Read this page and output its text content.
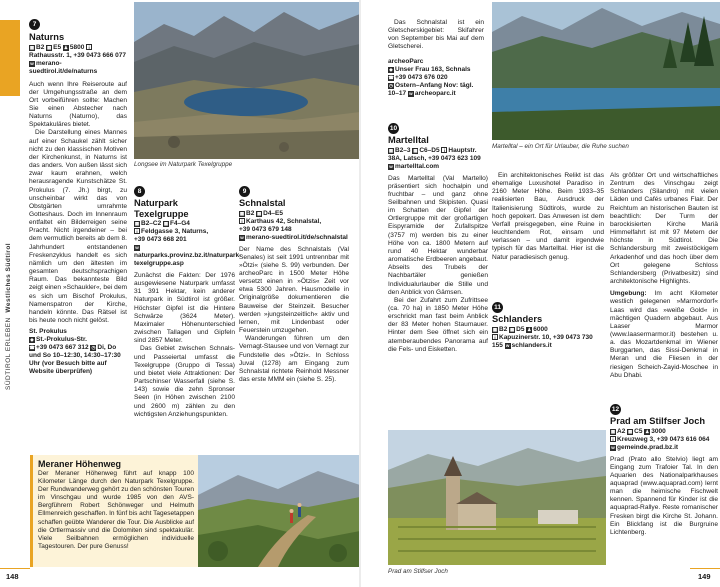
SÜDTIROL ERLEBEN  Westliches Südtirol
7
Naturns
▦ B2 ▦ E5 ♟ 5800 iRathausstr. 1, +39 0473 666 077 w merano-suedtirol.it/de/naturns

Auch wenn Ihre Reiseroute auf der Umgehungsstraße an dem Ort vorbeiführen sollte: Machen Sie einen Abstecher nach Naturns (Naturno), das Spektakuläres bietet.

Die Darstellung eines Mannes auf einer Schaukel zählt sicher nicht zu den klassischen Motiven der Kirchenkunst, in Naturns ist das anders. Von außen lässt sich zwar kaum erahnen, welch herausragende Kunstschätze St. Prokulus (7. Jh.) birgt, zu unscheinbar wirkt das von Obstgärten umrahmte Gotteshaus. Doch im Innenraum entfaltet ein Bilderreigen seine Pracht. Nicht irgendeiner – bei dem vermutlich bereits ab dem 8. Jahrhundert entstandenen Freskenzyklus handelt es sich nämlich um den ältesten im gesamten deutschsprachigen Raum. Das bekannteste Bild zeigt einen »Schaukler«, bei dem es sich um Bischof Prokulus, Namenspatron der Kirche, handeln könnte. Das Rätsel ist bis heute noch nicht gelöst.

St. Prokulus
◆ St.-Prokulus-Str.
☎+39 0473 667 312 ◷ Di, Do und So 10–12:30, 14:30–17:30 Uhr (vor Besuch bitte auf Website überprüfen)
Longsee im Naturpark Texelgruppe
8
Naturpark Texelgruppe
▦ B2–C2 ▦ F4–G4
i Feldgasse 3, Naturns,
+39 0473 668 201
wnaturparks.provinz.bz.it/naturpark-texelgruppe.asp

Zunächst die Fakten: Der 1976 ausgewiesene Naturpark umfasst 31 391 Hektar, kein anderer Naturpark in Südtirol ist größer. Höchster Gipfel ist die Hintere Schwärze (3624 Meter). Maximaler Höhenunterschied zwischen Tallagen und Gipfeln sind 2857 Meter.

Das Gebiet zwischen Schnals- und Passeiertal umfasst die Texelgruppe (Gruppo di Tessa) und bietet viele Attraktionen: Der Partschinser Wasserfall (siehe S. 143) sowie die zehn Spronser Seen (in Höhen zwischen 2100 und 2600 m) zählen zu den wichtigsten Anziehungspunkten.

9
Schnalstal
▦ B2 ▦ D4–E5
i Karthaus 42, Schnalstal,
+39 0473 679 148
w merano-suedtirol.it/de/schnalstal

Der Name des Schnalstals (Val Senales) ist seit 1991 untrennbar mit »Ötzi« (siehe S. 99) verbunden. Der archeoParc in 1500 Meter Höhe versetzt einen in »Ötzis« Zeit vor etwa 5300 Jahren. Hausmodelle in Originalgröße dokumentieren die Bauweise der Steinzeit. Besucher werden »jungsteinzeitlich« aktiv und lernen, mit Lindenbast oder Feuerstein umzugehen.

Wanderungen führen um den Vernagt-Stausee und von Vernagt zur Fundstelle des »Ötzi«. In Schloss Juval (1278) am Eingang zum Schnalstal richtete Reinhold Messner das erste MMM ein (siehe S. 25).

Meraner Höhenweg
Der Meraner Höhenweg führt auf knapp 100 Kilometer Länge durch den Naturpark Texelgruppe. Der Rundwanderweg gehört zu den schönsten Touren im Vinschgau und wurde 1985 von den AVS-Bergführern Robert Schönweger und Helmuth Ellmenreich geschaffen. In fünf bis acht Tagesetappen schaffen geübte Wanderer die Tour. Die Ausblicke auf die Ortlermassiv und die Dolomiten sind spektakulär. Viele Seilbahnen ermöglichen individuelle Tagestouren. Der pure Genuss!
148

Das Schnalstal ist ein Gletscherskigebiet: Skifahrer von September bis Mai auf dem Gletscherei.

archeoParc
◆ Unser Frau 163, Schnals
☎+39 0473 676 020
◷ Ostern–Anfang Nov: tägl. 10–17 w archeoparc.it
10
Martelltal
▦ B2–3 ▦ C6–D5 i Hauptstr. 38A, Latsch, +39 0473 623 109 w martelltal.com

Das Martelltal (Val Martello) präsentiert sich hochalpin und fruchtbar – und ganz ohne Seilbahnen und Skipisten. Quasi im Schatten der Gipfel der Ortlergruppe mit der großartigen Eispyramide der Zufallspitze (3757 m) werden bis zu einer Höhe von ca. 1800 Metern auf rund 40 Hektar wunderbar aromatische Erdbeeren angebaut. Abseits des Trubels der Nachbartäler genießen Individualurlauber die Stille und den Anblick von Gämsen.

Bei der Zufahrt zum Zufrittsee (ca. 70 ha) in 1850 Meter Höhe erschrickt man fast beim Anblick der 83 Meter hohen Staumauer. Hinter dem See öffnet sich ein atemberaubendes Panorama auf die Fels- und Eisketten.

Martelltal – ein Ort für Urlauber, die Ruhe suchen

Ein architektonisches Relikt ist das ehemalige Luxushotel Paradiso in 2160 Meter Höhe. Beim 1933–35 realisierten Bau, Ausdruck der Italienisierung Südtirols, wurde zu hoch gepokert. Das Anwesen ist dem Verfall preisgegeben, eine Ruine in leuchtendem Rot, einsam und verlassen – und damit irgendwie typisch für das Martelltal. Hier ist die Natur paradiesisch genug.

11
Schlanders
▦ B2 ▦ D5 ♟ 6000
i Kapuzinerstr. 10, +39 0473 730 155 w schlanders.it

Als größter Ort und wirtschaftliches Zentrum des Vinschgau zeigt Schlanders (Silandro) mit vielen Läden und Cafés urbanes Flair. Der Reichtum an historischen Bauten ist beachtlich: Der Turm der barockisierten Kirche Mariä Himmelfahrt ist mit 97 Metern der höchste in Südtirol. Die Schlandersburg mit zweistöckigem Arkadenhof und das hoch über dem Ort gelegene Schloss Schlandersberg (Privatbesitz) sind architektonische Highlights.

Umgebung: Im acht Kilometer westlich gelegenen »Marmordorf« Laas wird das »weiße Gold« in mächtigen Quadern abgebaut. Aus Laaser Marmor (www.laasermarmor.it) bestehen u. a. das Mozartdenkmal im Wiener Burggarten, das Sissi-Denkmal in Meran und die Fliesen in der riesigen Scheich-Zayid-Moschee in Abu Dhabi.

Prad am Stilfser Joch
12
Prad am Stilfser Joch
▦ A2 ▦ C5 ♟ 3000
i Kreuzweg 3, +39 0473 616 064 w gemeinde.prad.bz.it

Prad (Prato allo Stelvio) liegt am Eingang zum Trafoier Tal. In den Aquarien des Nationalparkhauses aquaprad (www.aquaprad.com) lernt man die heimische Fischwelt kennen. Spannend für Kinder ist die aquaprad-Rallye. Reste romanischer Fresken birgt die Kirche St. Johann. Ein Blickfang ist die Burgruine Lichtenberg.

149
